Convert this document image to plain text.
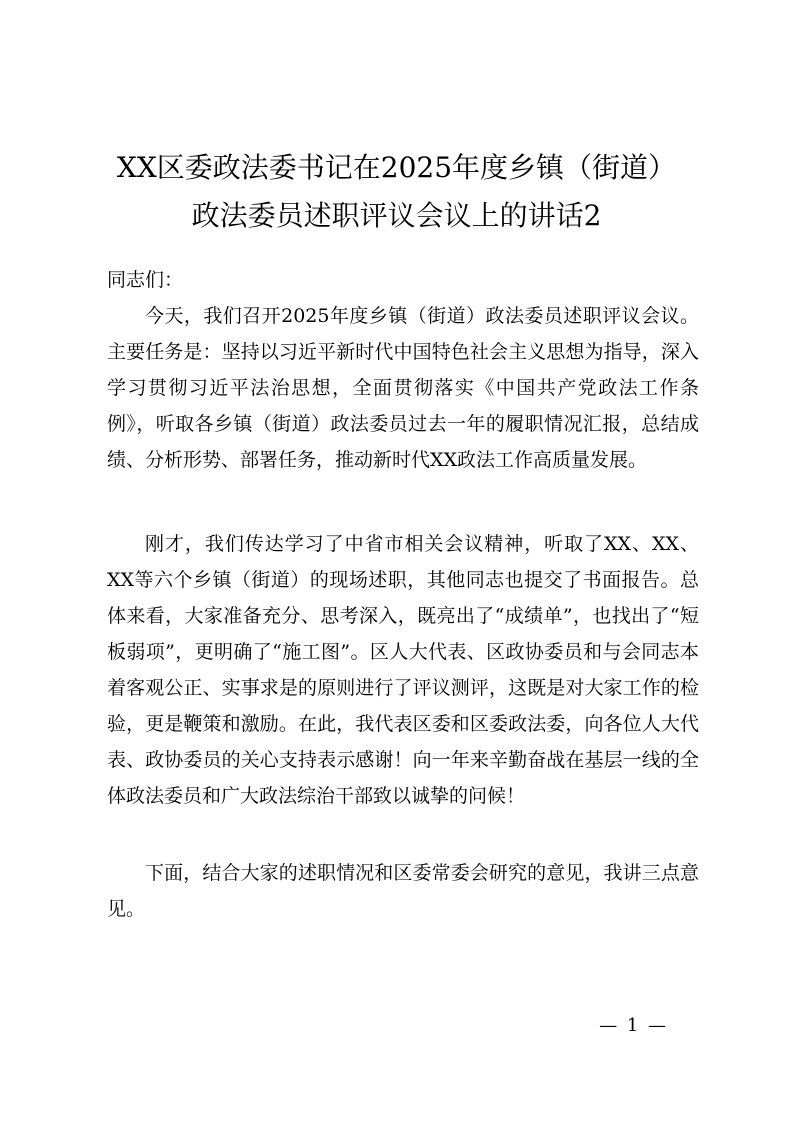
XX区委政法委书记在2025年度乡镇（街道）
政法委员述职评议会议上的讲话2

同志们：

今天，我们召开2025年度乡镇（街道）政法委员述职评议会议。主要任务是：坚持以习近平新时代中国特色社会主义思想为指导，深入学习贯彻习近平法治思想，全面贯彻落实《中国共产党政法工作条例》，听取各乡镇（街道）政法委员过去一年的履职情况汇报，总结成绩、分析形势、部署任务，推动新时代XX政法工作高质量发展。

刚才，我们传达学习了中省市相关会议精神，听取了XX、XX、XX等六个乡镇（街道）的现场述职，其他同志也提交了书面报告。总体来看，大家准备充分、思考深入，既亮出了“成绩单”，也找出了“短板弱项”，更明确了“施工图”。区人大代表、区政协委员和与会同志本着客观公正、实事求是的原则进行了评议测评，这既是对大家工作的检验，更是鞭策和激励。在此，我代表区委和区委政法委，向各位人大代表、政协委员的关心支持表示感谢！向一年来辛勤奋战在基层一线的全体政法委员和广大政法综治干部致以诚挚的问候！

下面，结合大家的述职情况和区委常委会研究的意见，我讲三点意见。

— 1 —
